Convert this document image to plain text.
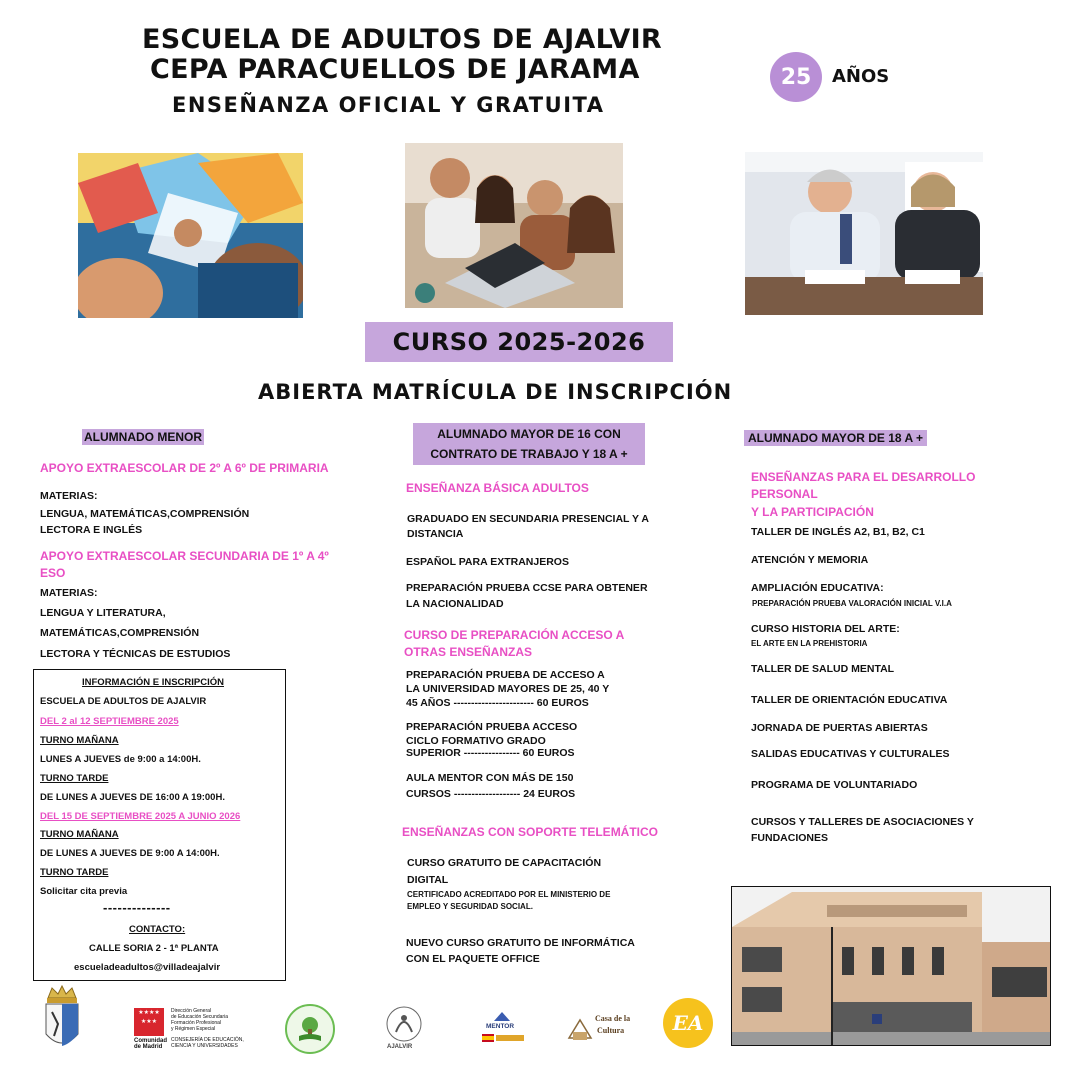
ESCUELA DE ADULTOS DE AJALVIR
CEPA PARACUELLOS DE JARAMA
ENSEÑANZA OFICIAL Y GRATUITA
25 AÑOS
CURSO 2025-2026
ABIERTA MATRÍCULA DE INSCRIPCIÓN
ALUMNADO MENOR
APOYO EXTRAESCOLAR DE 2º A 6º DE PRIMARIA
MATERIAS:
LENGUA, MATEMÁTICAS,COMPRENSIÓN
LECTORA E INGLÉS
APOYO EXTRAESCOLAR SECUNDARIA DE 1º A 4º
ESO
MATERIAS:
LENGUA Y LITERATURA,
MATEMÁTICAS,COMPRENSIÓN
LECTORA Y TÉCNICAS DE ESTUDIOS
INFORMACIÓN E INSCRIPCIÓN
ESCUELA DE ADULTOS DE AJALVIR
DEL 2 al 12 SEPTIEMBRE 2025
TURNO MAÑANA
LUNES A JUEVES de 9:00 a 14:00H.
TURNO TARDE
DE LUNES A JUEVES DE 16:00 A 19:00H.
DEL 15 DE SEPTIEMBRE 2025 A JUNIO 2026
TURNO MAÑANA
DE LUNES A JUEVES DE 9:00 A 14:00H.
TURNO TARDE
Solicitar cita previa
--------------
CONTACTO:
CALLE SORIA 2 - 1ª PLANTA
escueladeadultos@villadeajalvir
ALUMNADO MAYOR DE 16 CON
CONTRATO DE TRABAJO Y 18 A +
ENSEÑANZA BÁSICA ADULTOS
GRADUADO EN SECUNDARIA PRESENCIAL Y A
DISTANCIA
ESPAÑOL PARA EXTRANJEROS
PREPARACIÓN PRUEBA CCSE PARA OBTENER
LA NACIONALIDAD
CURSO DE PREPARACIÓN ACCESO A
OTRAS ENSEÑANZAS
PREPARACIÓN PRUEBA DE ACCESO A
LA UNIVERSIDAD MAYORES DE 25, 40 Y
45 AÑOS ----------------------- 60 EUROS
PREPARACIÓN PRUEBA ACCESO
CICLO FORMATIVO GRADO
SUPERIOR ---------------- 60 EUROS
AULA MENTOR CON MÁS DE 150
CURSOS ------------------- 24 EUROS
ENSEÑANZAS CON SOPORTE TELEMÁTICO
CURSO GRATUITO DE CAPACITACIÓN
DIGITAL
CERTIFICADO ACREDITADO POR EL MINISTERIO DE
EMPLEO Y SEGURIDAD SOCIAL.
NUEVO CURSO GRATUITO DE INFORMÁTICA
CON EL PAQUETE OFFICE
ALUMNADO MAYOR DE 18 A +
ENSEÑANZAS PARA EL DESARROLLO
PERSONAL
Y LA PARTICIPACIÓN
TALLER DE INGLÉS A2, B1, B2, C1
ATENCIÓN Y MEMORIA
AMPLIACIÓN EDUCATIVA:
PREPARACIÓN PRUEBA VALORACIÓN INICIAL V.I.A
CURSO HISTORIA DEL ARTE:
EL ARTE EN LA PREHISTORIA
TALLER DE SALUD MENTAL
TALLER DE ORIENTACIÓN EDUCATIVA
JORNADA DE PUERTAS ABIERTAS
SALIDAS EDUCATIVAS Y CULTURALES
PROGRAMA DE VOLUNTARIADO
CURSOS Y TALLERES DE ASOCIACIONES Y
FUNDACIONES
★★★★
★★★
Comunidad
de Madrid
Dirección General
de Educación Secundaria
Formación Profesional
y Régimen Especial
CONSEJERÍA DE EDUCACIÓN,
CIENCIA Y UNIVERSIDADES	AJALVIR
MENTOR
Casa de la
Cultura EA
